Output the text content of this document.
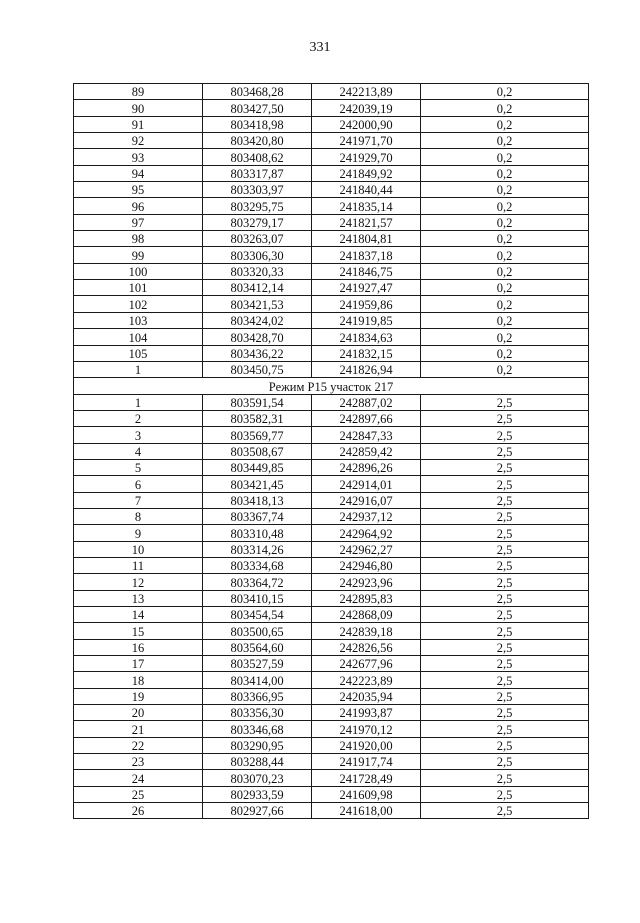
331
89	803468,28	242213,89	0,2
90	803427,50	242039,19	0,2
91	803418,98	242000,90	0,2
92	803420,80	241971,70	0,2
93	803408,62	241929,70	0,2
94	803317,87	241849,92	0,2
95	803303,97	241840,44	0,2
96	803295,75	241835,14	0,2
97	803279,17	241821,57	0,2
98	803263,07	241804,81	0,2
99	803306,30	241837,18	0,2
100	803320,33	241846,75	0,2
101	803412,14	241927,47	0,2
102	803421,53	241959,86	0,2
103	803424,02	241919,85	0,2
104	803428,70	241834,63	0,2
105	803436,22	241832,15	0,2
1	803450,75	241826,94	0,2
Режим Р15 участок 217			
1	803591,54	242887,02	2,5
2	803582,31	242897,66	2,5
3	803569,77	242847,33	2,5
4	803508,67	242859,42	2,5
5	803449,85	242896,26	2,5
6	803421,45	242914,01	2,5
7	803418,13	242916,07	2,5
8	803367,74	242937,12	2,5
9	803310,48	242964,92	2,5
10	803314,26	242962,27	2,5
11	803334,68	242946,80	2,5
12	803364,72	242923,96	2,5
13	803410,15	242895,83	2,5
14	803454,54	242868,09	2,5
15	803500,65	242839,18	2,5
16	803564,60	242826,56	2,5
17	803527,59	242677,96	2,5
18	803414,00	242223,89	2,5
19	803366,95	242035,94	2,5
20	803356,30	241993,87	2,5
21	803346,68	241970,12	2,5
22	803290,95	241920,00	2,5
23	803288,44	241917,74	2,5
24	803070,23	241728,49	2,5
25	802933,59	241609,98	2,5
26	802927,66	241618,00	2,5
